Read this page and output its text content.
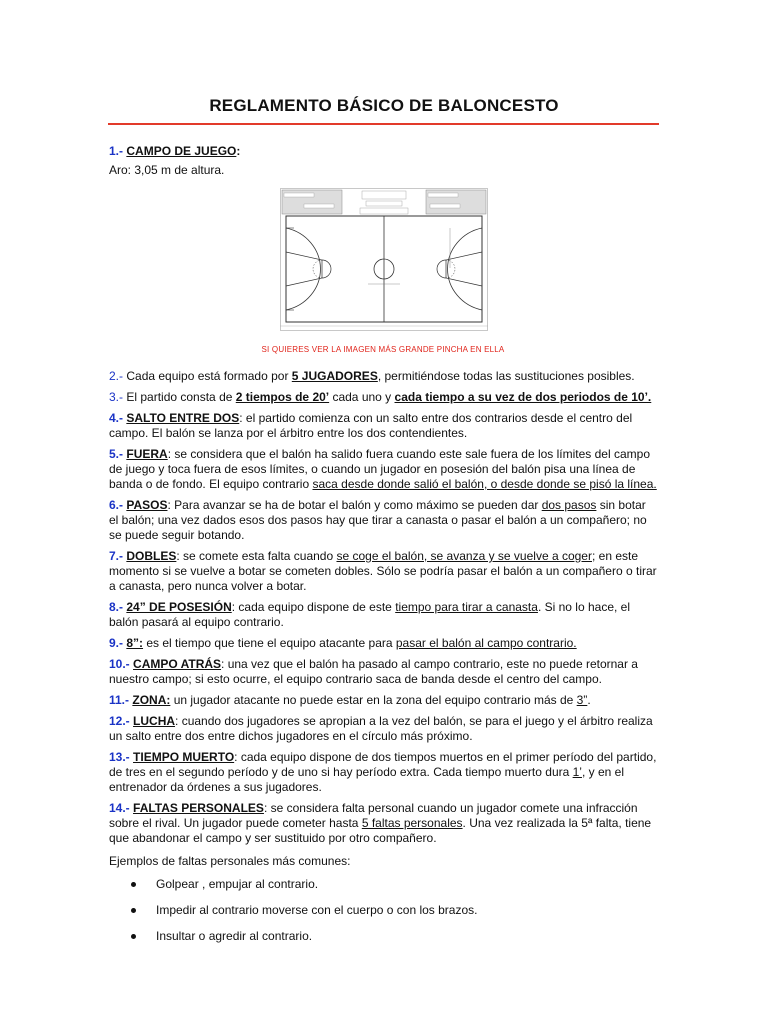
REGLAMENTO BÁSICO DE BALONCESTO

1.- CAMPO DE JUEGO:

Aro: 3,05 m de altura.

SI QUIERES VER LA IMAGEN MÁS GRANDE PINCHA EN ELLA

2.- Cada equipo está formado por 5 JUGADORES, permitiéndose todas las sustituciones posibles.

3.- El partido consta de 2 tiempos de 20’ cada uno y cada tiempo a su vez de dos periodos de 10’.

4.- SALTO ENTRE DOS: el partido comienza con un salto entre dos contrarios desde el centro del campo. El balón se lanza por el árbitro entre los dos contendientes.

5.- FUERA: se considera que el balón ha salido fuera cuando este sale fuera de los límites del campo de juego y toca fuera de esos límites, o cuando un jugador en posesión del balón pisa una línea de banda o de fondo. El equipo contrario saca desde donde salió el balón, o desde donde se pisó la línea.

6.- PASOS: Para avanzar se ha de botar el balón y como máximo se pueden dar dos pasos sin botar el balón; una vez dados esos dos pasos hay que tirar a canasta o pasar el balón a un compañero; no se puede seguir botando.

7.- DOBLES: se comete esta falta cuando se coge el balón, se avanza y se vuelve a coger; en este momento si se vuelve a botar se cometen dobles. Sólo se podría pasar el balón a un compañero o tirar a canasta, pero nunca volver a botar.

8.- 24” DE POSESIÓN: cada equipo dispone de este tiempo para tirar a canasta. Si no lo hace, el balón pasará al equipo contrario.

9.- 8”: es el tiempo que tiene el equipo atacante para pasar el balón al campo contrario.

10.- CAMPO ATRÁS: una vez que el balón ha pasado al campo contrario, este no puede retornar a nuestro campo; si esto ocurre, el equipo contrario saca de banda desde el centro del campo.

11.- ZONA: un jugador atacante no puede estar en la zona del equipo contrario más de 3”.

12.- LUCHA: cuando dos jugadores se apropian a la vez del balón, se para el juego y el árbitro realiza un salto entre dos entre dichos jugadores en el círculo más próximo.

13.- TIEMPO MUERTO: cada equipo dispone de dos tiempos muertos en el primer período del partido, de tres en el segundo período y de uno si hay período extra. Cada tiempo muerto dura 1’, y en el entrenador da órdenes a sus jugadores.

14.- FALTAS PERSONALES: se considera falta personal cuando un jugador comete una infracción sobre el rival. Un jugador puede cometer hasta 5 faltas personales. Una vez realizada la 5ª falta, tiene que abandonar el campo y ser sustituido por otro compañero.

Ejemplos de faltas personales más comunes:

Golpear , empujar al contrario.
Impedir al contrario moverse con el cuerpo o con los brazos.
Insultar o agredir al contrario.
